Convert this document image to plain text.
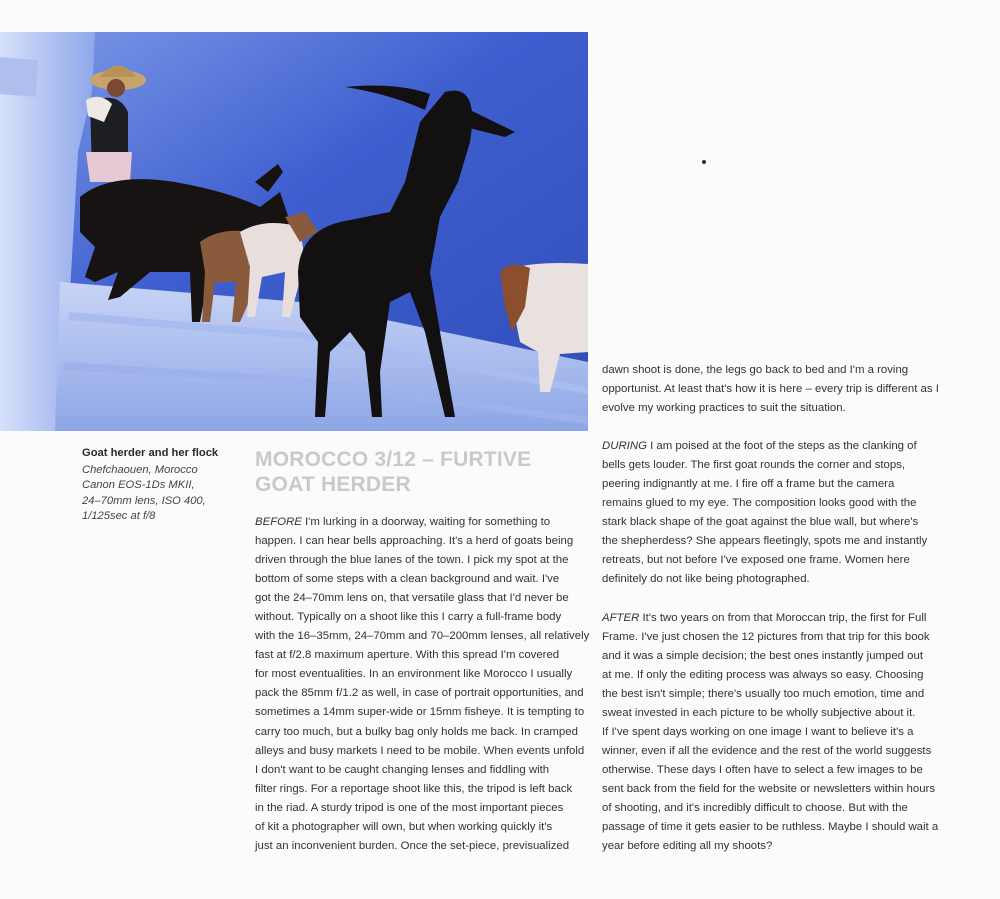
Goat herder and her flock
Chefchaouen, Morocco
Canon EOS-1Ds MKII,
24–70mm lens, ISO 400,
1/125sec at f/8
MOROCCO 3/12 – FURTIVE
GOAT HERDER

BEFORE I'm lurking in a doorway, waiting for something to
happen. I can hear bells approaching. It's a herd of goats being
driven through the blue lanes of the town. I pick my spot at the
bottom of some steps with a clean background and wait. I've
got the 24–70mm lens on, that versatile glass that I'd never be
without. Typically on a shoot like this I carry a full-frame body
with the 16–35mm, 24–70mm and 70–200mm lenses, all relatively
fast at f/2.8 maximum aperture. With this spread I'm covered
for most eventualities. In an environment like Morocco I usually
pack the 85mm f/1.2 as well, in case of portrait opportunities, and
sometimes a 14mm super-wide or 15mm fisheye. It is tempting to
carry too much, but a bulky bag only holds me back. In cramped
alleys and busy markets I need to be mobile. When events unfold
I don't want to be caught changing lenses and fiddling with
filter rings. For a reportage shoot like this, the tripod is left back
in the riad. A sturdy tripod is one of the most important pieces
of kit a photographer will own, but when working quickly it's
just an inconvenient burden. Once the set-piece, previsualized

dawn shoot is done, the legs go back to bed and I'm a roving
opportunist. At least that's how it is here – every trip is different as I
evolve my working practices to suit the situation.

DURING I am poised at the foot of the steps as the clanking of
bells gets louder. The first goat rounds the corner and stops,
peering indignantly at me. I fire off a frame but the camera
remains glued to my eye. The composition looks good with the
stark black shape of the goat against the blue wall, but where's
the shepherdess? She appears fleetingly, spots me and instantly
retreats, but not before I've exposed one frame. Women here
definitely do not like being photographed.

AFTER It's two years on from that Moroccan trip, the first for Full
Frame. I've just chosen the 12 pictures from that trip for this book
and it was a simple decision; the best ones instantly jumped out
at me. If only the editing process was always so easy. Choosing
the best isn't simple; there's usually too much emotion, time and
sweat invested in each picture to be wholly subjective about it.
If I've spent days working on one image I want to believe it's a
winner, even if all the evidence and the rest of the world suggests
otherwise. These days I often have to select a few images to be
sent back from the field for the website or newsletters within hours
of shooting, and it's incredibly difficult to choose. But with the
passage of time it gets easier to be ruthless. Maybe I should wait a
year before editing all my shoots?
